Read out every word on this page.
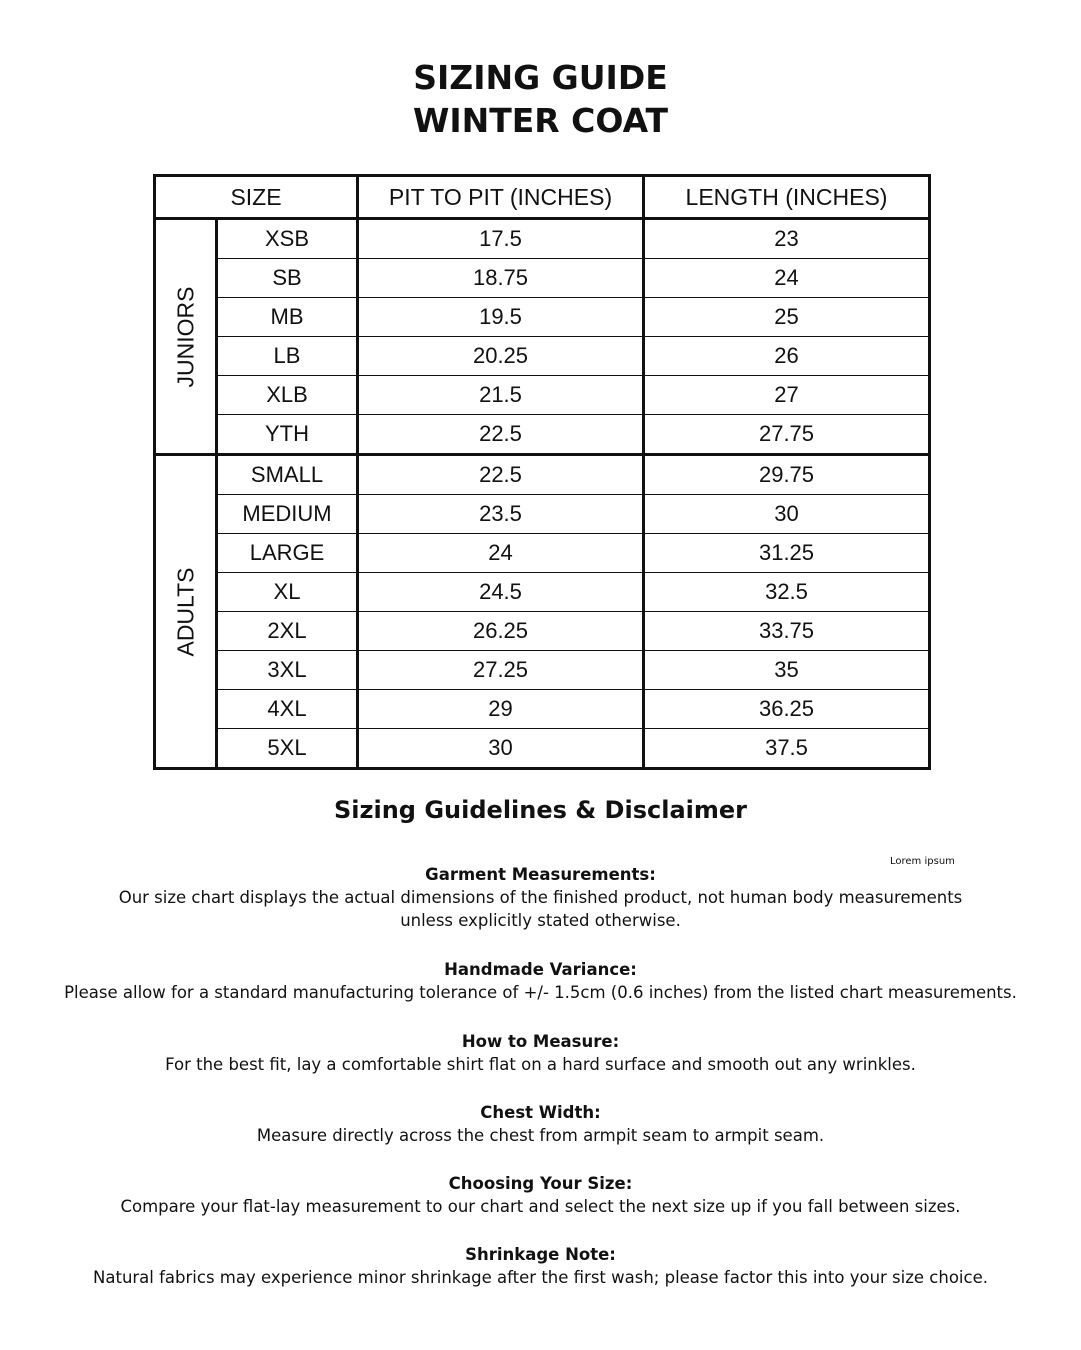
SIZING GUIDE
WINTER COAT
SIZE		PIT TO PIT (INCHES)	LENGTH (INCHES)

JUNIORS	XSB	17.5	23
	SB	18.75	24
	MB	19.5	25
	LB	20.25	26
	XLB	21.5	27
	YTH	22.5	27.75

ADULTS	SMALL	22.5	29.75
	MEDIUM	23.5	30
	LARGE	24	31.25
	XL	24.5	32.5
	2XL	26.25	33.75
	3XL	27.25	35
	4XL	29	36.25
	5XL	30	37.5
Sizing Guidelines & Disclaimer
Lorem ipsum
Garment Measurements:
Our size chart displays the actual dimensions of the finished product, not human body measurements
unless explicitly stated otherwise.
Handmade Variance:
Please allow for a standard manufacturing tolerance of +/- 1.5cm (0.6 inches) from the listed chart measurements.
How to Measure:
For the best fit, lay a comfortable shirt flat on a hard surface and smooth out any wrinkles.
Chest Width:
Measure directly across the chest from armpit seam to armpit seam.
Choosing Your Size:
Compare your flat-lay measurement to our chart and select the next size up if you fall between sizes.
Shrinkage Note:
Natural fabrics may experience minor shrinkage after the first wash; please factor this into your size choice.
